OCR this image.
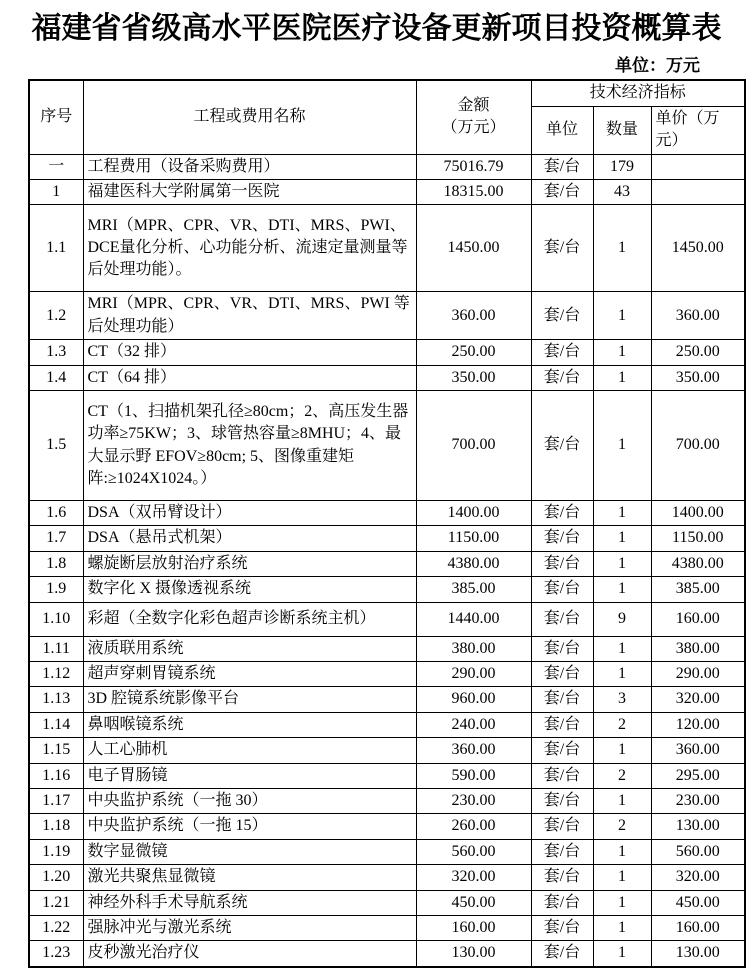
福建省省级高水平医院医疗设备更新项目投资概算表
单位：万元
序号	工程或费用名称	金额
（万元）	技术经济指标		
			单位	数量	单价（万元）
一	工程费用（设备采购费用）	75016.79	套/台	179	
1	福建医科大学附属第一医院	18315.00	套/台	43	
1.1	MRI（MPR、CPR、VR、DTI、MRS、PWI、DCE量化分析、心功能分析、流速定量测量等后处理功能）。	1450.00	套/台	1	1450.00
1.2	MRI（MPR、CPR、VR、DTI、MRS、PWI 等后处理功能）	360.00	套/台	1	360.00
1.3	CT（32 排）	250.00	套/台	1	250.00
1.4	CT（64 排）	350.00	套/台	1	350.00
1.5	CT（1、扫描机架孔径≥80cm；2、高压发生器功率≥75KW；3、球管热容量≥8MHU；4、最大显示野 EFOV≥80cm; 5、图像重建矩阵:≥1024X1024。）	700.00	套/台	1	700.00
1.6	DSA（双吊臂设计）	1400.00	套/台	1	1400.00
1.7	DSA（悬吊式机架）	1150.00	套/台	1	1150.00
1.8	螺旋断层放射治疗系统	4380.00	套/台	1	4380.00
1.9	数字化 X 摄像透视系统	385.00	套/台	1	385.00
1.10	彩超（全数字化彩色超声诊断系统主机）	1440.00	套/台	9	160.00
1.11	液质联用系统	380.00	套/台	1	380.00
1.12	超声穿刺胃镜系统	290.00	套/台	1	290.00
1.13	3D 腔镜系统影像平台	960.00	套/台	3	320.00
1.14	鼻咽喉镜系统	240.00	套/台	2	120.00
1.15	人工心肺机	360.00	套/台	1	360.00
1.16	电子胃肠镜	590.00	套/台	2	295.00
1.17	中央监护系统（一拖 30）	230.00	套/台	1	230.00
1.18	中央监护系统（一拖 15）	260.00	套/台	2	130.00
1.19	数字显微镜	560.00	套/台	1	560.00
1.20	激光共聚焦显微镜	320.00	套/台	1	320.00
1.21	神经外科手术导航系统	450.00	套/台	1	450.00
1.22	强脉冲光与激光系统	160.00	套/台	1	160.00
1.23	皮秒激光治疗仪	130.00	套/台	1	130.00
